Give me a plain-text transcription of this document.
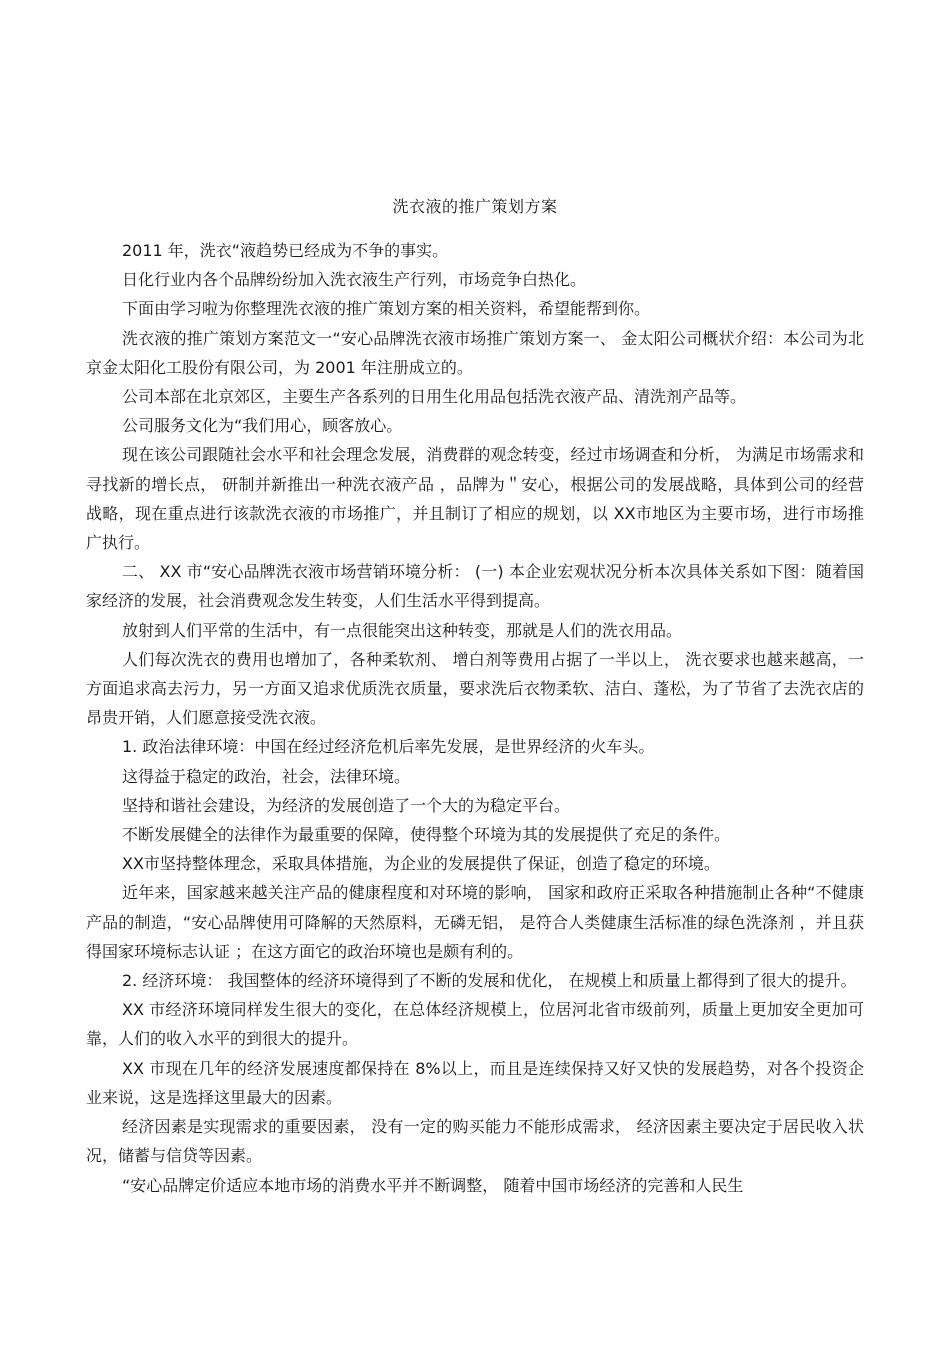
洗衣液的推广策划方案

2011 年，洗衣“液趋势已经成为不争的事实。

日化行业内各个品牌纷纷加入洗衣液生产行列，市场竞争白热化。

下面由学习啦为你整理洗衣液的推广策划方案的相关资料，希望能帮到你。

洗衣液的推广策划方案范文一“安心品牌洗衣液市场推广策划方案一、 金太阳公司概状介绍：本公司为北京金太阳化工股份有限公司，为 2001 年注册成立的。

公司本部在北京郊区，主要生产各系列的日用生化用品包括洗衣液产品、清洗剂产品等。

公司服务文化为“我们用心，顾客放心。

现在该公司跟随社会水平和社会理念发展，消费群的观念转变，经过市场调查和分析， 为满足市场需求和寻找新的增长点， 研制并新推出一种洗衣液产品 ，品牌为＂安心，根据公司的发展战略，具体到公司的经营战略，现在重点进行该款洗衣液的市场推广，并且制订了相应的规划，以 XX市地区为主要市场，进行市场推广执行。

二、 XX 市“安心品牌洗衣液市场营销环境分析： (一) 本企业宏观状况分析本次具体关系如下图：随着国家经济的发展，社会消费观念发生转变，人们生活水平得到提高。

放射到人们平常的生活中，有一点很能突出这种转变，那就是人们的洗衣用品。

人们每次洗衣的费用也增加了，各种柔软剂、 增白剂等费用占据了一半以上， 洗衣要求也越来越高，一方面追求高去污力，另一方面又追求优质洗衣质量，要求洗后衣物柔软、洁白、蓬松，为了节省了去洗衣店的昂贵开销，人们愿意接受洗衣液。

1. 政治法律环境：中国在经过经济危机后率先发展，是世界经济的火车头。

这得益于稳定的政治，社会，法律环境。

坚持和谐社会建设，为经济的发展创造了一个大的为稳定平台。

不断发展健全的法律作为最重要的保障，使得整个环境为其的发展提供了充足的条件。

XX市坚持整体理念，采取具体措施，为企业的发展提供了保证，创造了稳定的环境。

近年来，国家越来越关注产品的健康程度和对环境的影响， 国家和政府正采取各种措施制止各种“不健康产品的制造，“安心品牌使用可降解的天然原料，无磷无铝， 是符合人类健康生活标准的绿色洗涤剂 ，并且获得国家环境标志认证 ；在这方面它的政治环境也是颇有利的。

2. 经济环境： 我国整体的经济环境得到了不断的发展和优化， 在规模上和质量上都得到了很大的提升。

XX 市经济环境同样发生很大的变化，在总体经济规模上，位居河北省市级前列，质量上更加安全更加可靠，人们的收入水平的到很大的提升。

XX 市现在几年的经济发展速度都保持在 8%以上，而且是连续保持又好又快的发展趋势，对各个投资企业来说，这是选择这里最大的因素。

经济因素是实现需求的重要因素， 没有一定的购买能力不能形成需求， 经济因素主要决定于居民收入状况，储蓄与信贷等因素。

“安心品牌定价适应本地市场的消费水平并不断调整， 随着中国市场经济的完善和人民生
